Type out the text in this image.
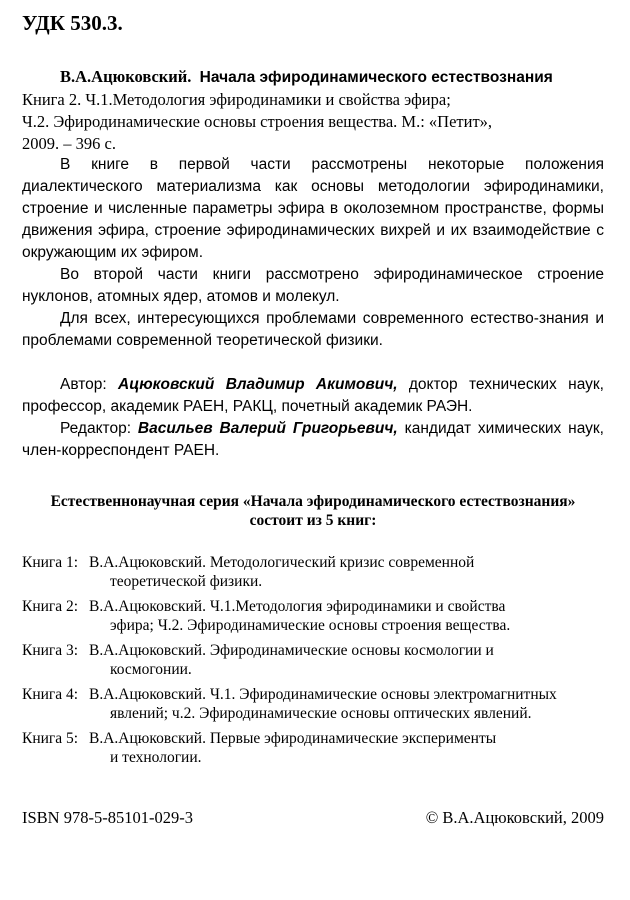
УДК 530.3.

В.А.Ацюковский. Начала эфиродинамического естествознания

Книга 2. Ч.1.Методология эфиродинамики и свойства эфира;

Ч.2. Эфиродинамические основы строения вещества. М.: «Петит»,

2009. – 396 с.

В книге в первой части рассмотрены некоторые положения диалектического материализма как основы методологии эфиродинамики, строение и численные параметры эфира в околоземном пространстве, формы движения эфира, строение эфиродинамических вихрей и их взаимодействие с окружающим их эфиром.

Во второй части книги рассмотрено эфиродинамическое строение нуклонов, атомных ядер, атомов и молекул.

Для всех, интересующихся проблемами современного естество-знания и проблемами современной теоретической физики.

Автор: Ацюковский Владимир Акимович, доктор технических наук, профессор, академик РАЕН, РАКЦ, почетный академик РАЭН.

Редактор: Васильев Валерий Григорьевич, кандидат химических наук, член-корреспондент РАЕН.

Естественнонаучная серия «Начала эфиродинамического естествознания»
состоит из 5 книг:
Книга 1: В.А.Ацюковский. Методологический кризис современной
теоретической физики.
Книга 2: В.А.Ацюковский. Ч.1.Методология эфиродинамики и свойства
эфира; Ч.2. Эфиродинамические основы строения вещества.
Книга 3: В.А.Ацюковский. Эфиродинамические основы космологии и
космогонии.
Книга 4: В.А.Ацюковский. Ч.1. Эфиродинамические основы электромагнитных
явлений; ч.2. Эфиродинамические основы оптических явлений.
Книга 5: В.А.Ацюковский. Первые эфиродинамические эксперименты
и технологии.
ISBN 978-5-85101-029-3	© В.А.Ацюковский, 2009
